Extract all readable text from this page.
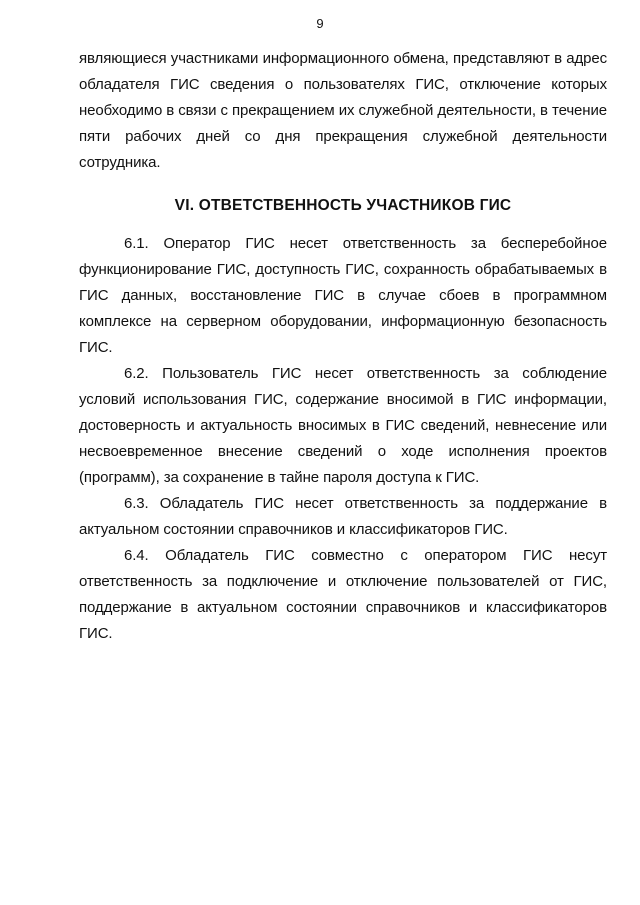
9

являющиеся участниками информационного обмена, представляют в адрес обладателя ГИС сведения о пользователях ГИС, отключение которых необходимо в связи с прекращением их служебной деятельности, в течение пяти рабочих дней со дня прекращения служебной деятельности сотрудника.

VI. ОТВЕТСТВЕННОСТЬ УЧАСТНИКОВ ГИС

6.1. Оператор ГИС несет ответственность за бесперебойное функционирование ГИС, доступность ГИС, сохранность обрабатываемых в ГИС данных, восстановление ГИС в случае сбоев в программном комплексе на серверном оборудовании, информационную безопасность ГИС.

6.2. Пользователь ГИС несет ответственность за соблюдение условий использования ГИС, содержание вносимой в ГИС информации, достоверность и актуальность вносимых в ГИС сведений, невнесение или несвоевременное внесение сведений о ходе исполнения проектов (программ), за сохранение в тайне пароля доступа к ГИС.

6.3. Обладатель ГИС несет ответственность за поддержание в актуальном состоянии справочников и классификаторов ГИС.

6.4. Обладатель ГИС совместно с оператором ГИС несут ответственность за подключение и отключение пользователей от ГИС, поддержание в актуальном состоянии справочников и классификаторов ГИС.
